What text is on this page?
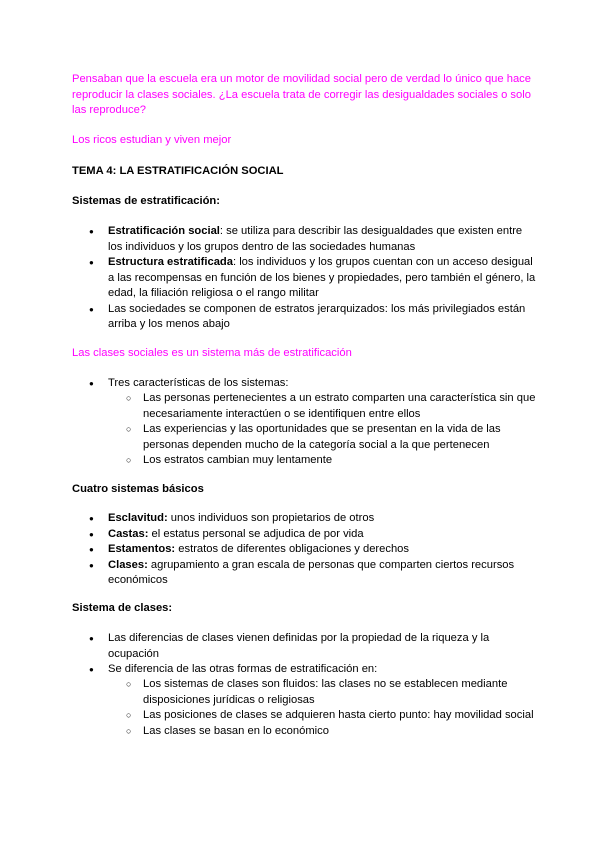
Pensaban que la escuela era un motor de movilidad social pero de verdad lo único que hace reproducir la clases sociales. ¿La escuela trata de corregir las desigualdades sociales o solo las reproduce?

Los ricos estudian y viven mejor

TEMA 4: LA ESTRATIFICACIÓN SOCIAL

Sistemas de estratificación:

● Estratificación social: se utiliza para describir las desigualdades que existen entre los individuos y los grupos dentro de las sociedades humanas
● Estructura estratificada: los individuos y los grupos cuentan con un acceso desigual a las recompensas en función de los bienes y propiedades, pero también el género, la edad, la filiación religiosa o el rango militar
● Las sociedades se componen de estratos jerarquizados: los más privilegiados están arriba y los menos abajo

Las clases sociales es un sistema más de estratificación

● Tres características de los sistemas:
○ Las personas pertenecientes a un estrato comparten una característica sin que necesariamente interactúen o se identifiquen entre ellos
○ Las experiencias y las oportunidades que se presentan en la vida de las personas dependen mucho de la categoría social a la que pertenecen
○ Los estratos cambian muy lentamente

Cuatro sistemas básicos

● Esclavitud: unos individuos son propietarios de otros
● Castas: el estatus personal se adjudica de por vida
● Estamentos: estratos de diferentes obligaciones y derechos
● Clases: agrupamiento a gran escala de personas que comparten ciertos recursos económicos

Sistema de clases:

● Las diferencias de clases vienen definidas por la propiedad de la riqueza y la ocupación
● Se diferencia de las otras formas de estratificación en:
○ Los sistemas de clases son fluidos: las clases no se establecen mediante disposiciones jurídicas o religiosas
○ Las posiciones de clases se adquieren hasta cierto punto: hay movilidad social
○ Las clases se basan en lo económico
